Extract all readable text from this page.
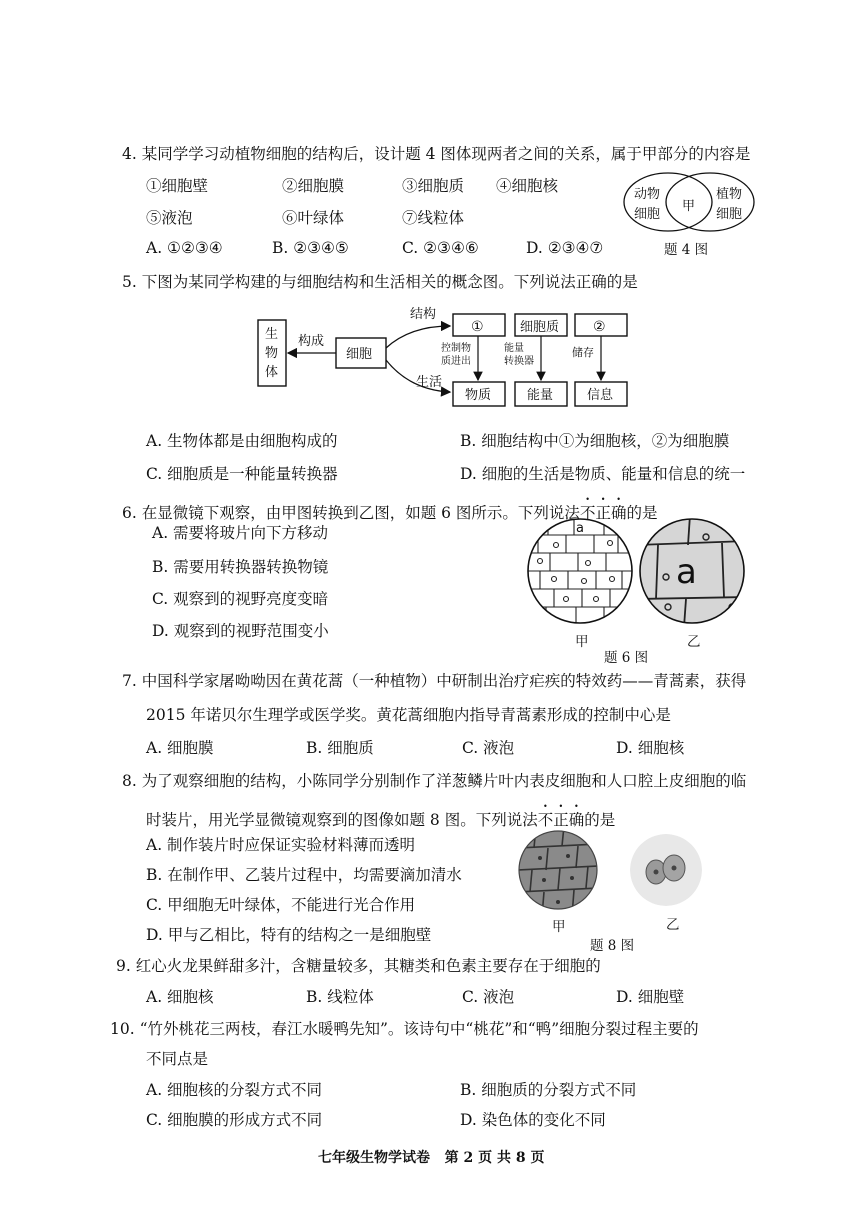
4. 某同学学习动植物细胞的结构后，设计题 4 图体现两者之间的关系，属于甲部分的内容是
①细胞壁	②细胞膜	③细胞质 ④细胞核
⑤液泡	⑥叶绿体	⑦线粒体
A. ①②③④	B. ②③④⑤	C. ②③④⑥	D. ②③④⑦
动物
细胞
甲
植物
细胞
题 4 图
5. 下图为某同学构建的与细胞结构和生活相关的概念图。下列说法正确的是
生
物
体
构成
细胞
结构
生活
①	细胞质 ②
控制物
质进出
能量
转换器
储存
物质	能量	信息
A. 生物体都是由细胞构成的	B. 细胞结构中①为细胞核，②为细胞膜
C. 细胞质是一种能量转换器	D. 细胞的生活是物质、能量和信息的统一
6. 在显微镜下观察，由甲图转换到乙图，如题 6 图所示。下列说法不正确的是
A. 需要将玻片向下方移动
B. 需要用转换器转换物镜
C. 观察到的视野亮度变暗
D. 观察到的视野范围变小
a
a
甲	乙
题 6 图
7. 中国科学家屠呦呦因在黄花蒿（一种植物）中研制出治疗疟疾的特效药——青蒿素，获得
2015 年诺贝尔生理学或医学奖。黄花蒿细胞内指导青蒿素形成的控制中心是
A. 细胞膜	B. 细胞质	C. 液泡	D. 细胞核
8. 为了观察细胞的结构，小陈同学分别制作了洋葱鳞片叶内表皮细胞和人口腔上皮细胞的临
时装片，用光学显微镜观察到的图像如题 8 图。下列说法不正确的是
A. 制作装片时应保证实验材料薄而透明
B. 在制作甲、乙装片过程中，均需要滴加清水
C. 甲细胞无叶绿体，不能进行光合作用
D. 甲与乙相比，特有的结构之一是细胞壁	甲	乙
题 8 图
9. 红心火龙果鲜甜多汁，含糖量较多，其糖类和色素主要存在于细胞的
A. 细胞核	B. 线粒体	C. 液泡	D. 细胞壁
10. “竹外桃花三两枝，春江水暖鸭先知”。该诗句中“桃花”和“鸭”细胞分裂过程主要的
不同点是
A. 细胞核的分裂方式不同	B. 细胞质的分裂方式不同
C. 细胞膜的形成方式不同	D. 染色体的变化不同
七年级生物学试卷   第 2 页 共 8 页
